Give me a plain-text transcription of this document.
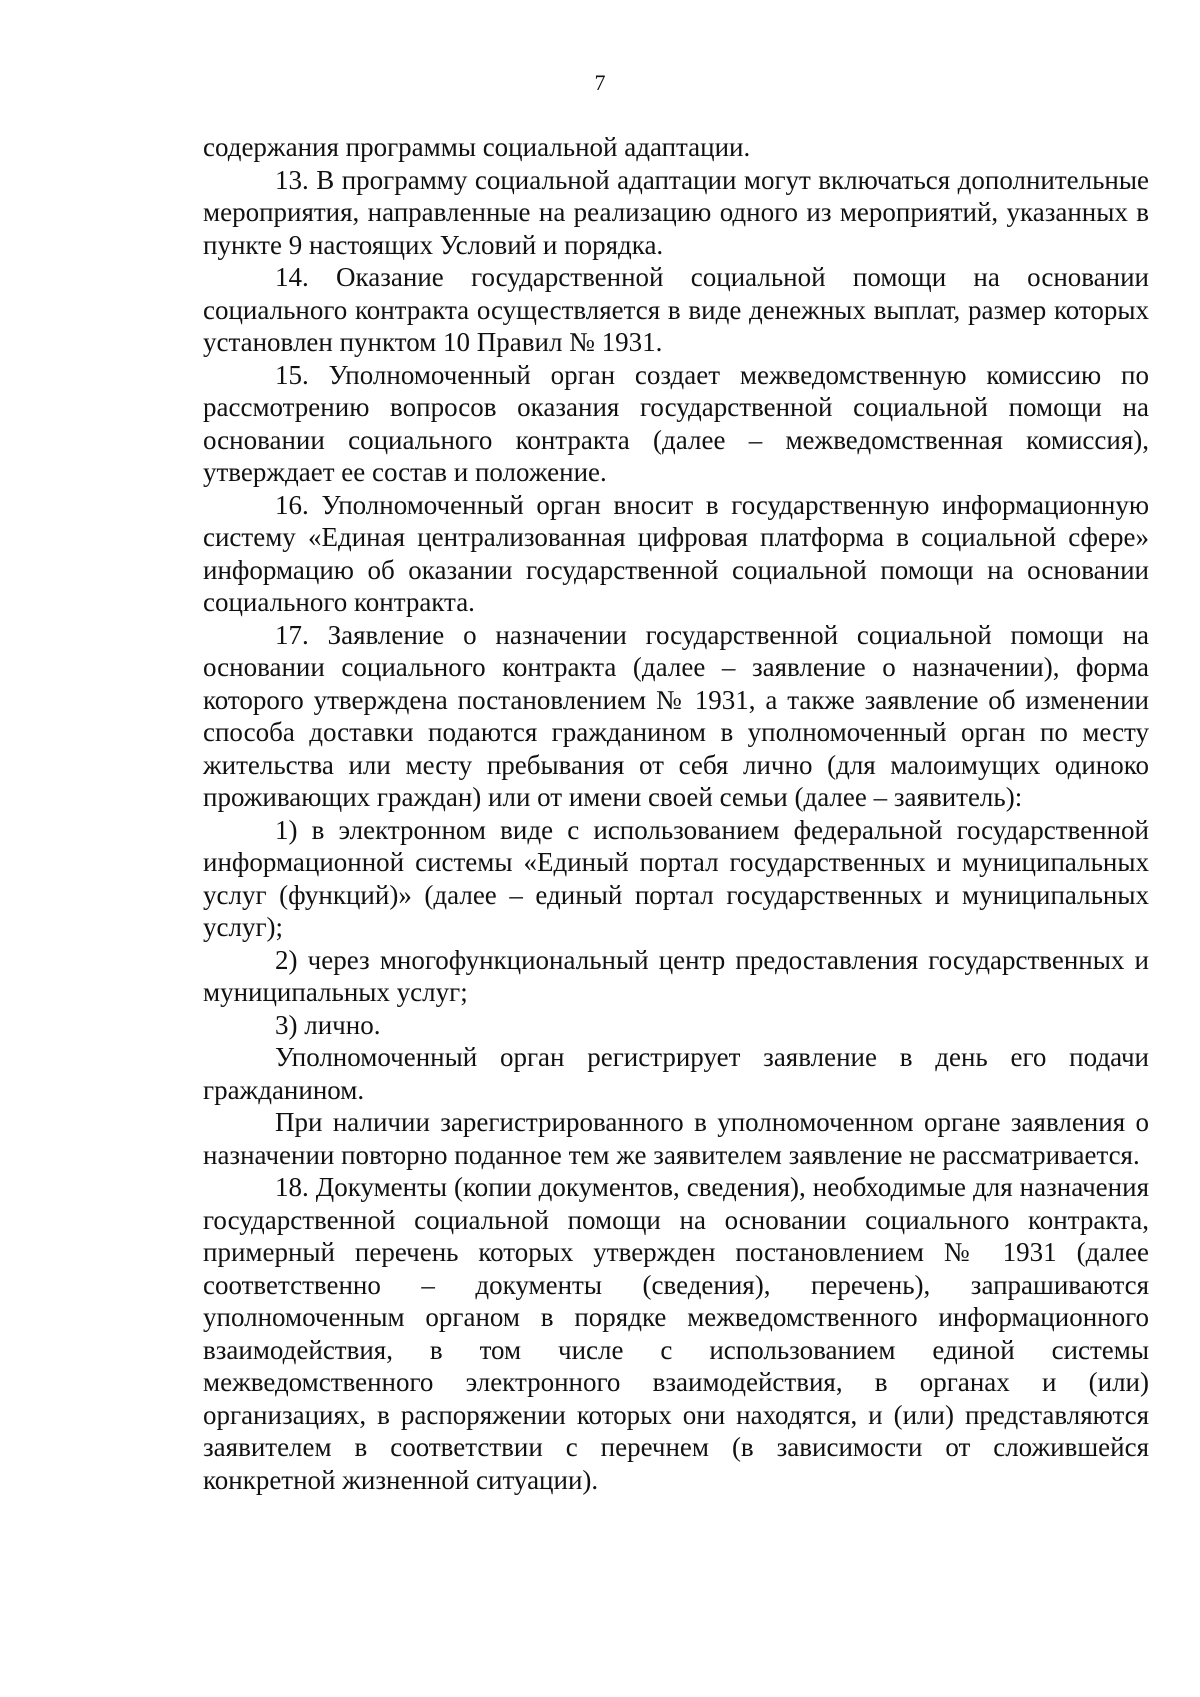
7

содержания программы социальной адаптации.

13. В программу социальной адаптации могут включаться дополнительные мероприятия, направленные на реализацию одного из мероприятий, указанных в пункте 9 настоящих Условий и порядка.

14. Оказание государственной социальной помощи на основании социального контракта осуществляется в виде денежных выплат, размер которых установлен пунктом 10 Правил № 1931.

15. Уполномоченный орган создает межведомственную комиссию по рассмотрению вопросов оказания государственной социальной помощи на основании социального контракта (далее – межведомственная комиссия), утверждает ее состав и положение.

16. Уполномоченный орган вносит в государственную информационную систему «Единая централизованная цифровая платформа в социальной сфере» информацию об оказании государственной социальной помощи на основании социального контракта.

17. Заявление о назначении государственной социальной помощи на основании социального контракта (далее – заявление о назначении), форма которого утверждена постановлением № 1931, а также заявление об изменении способа доставки подаются гражданином в уполномоченный орган по месту жительства или месту пребывания от себя лично (для малоимущих одиноко проживающих граждан) или от имени своей семьи (далее – заявитель):

1) в электронном виде с использованием федеральной государственной информационной системы «Единый портал государственных и муниципальных услуг (функций)» (далее – единый портал государственных и муниципальных услуг);

2) через многофункциональный центр предоставления государственных и муниципальных услуг;

3) лично.

Уполномоченный орган регистрирует заявление в день его подачи гражданином.

При наличии зарегистрированного в уполномоченном органе заявления о назначении повторно поданное тем же заявителем заявление не рассматривается.

18. Документы (копии документов, сведения), необходимые для назначения государственной социальной помощи на основании социального контракта, примерный перечень которых утвержден постановлением № 1931 (далее соответственно – документы (сведения), перечень), запрашиваются уполномоченным органом в порядке межведомственного информационного взаимодействия, в том числе с использованием единой системы межведомственного электронного взаимодействия, в органах и (или) организациях, в распоряжении которых они находятся, и (или) представляются заявителем в соответствии с перечнем (в зависимости от сложившейся конкретной жизненной ситуации).
